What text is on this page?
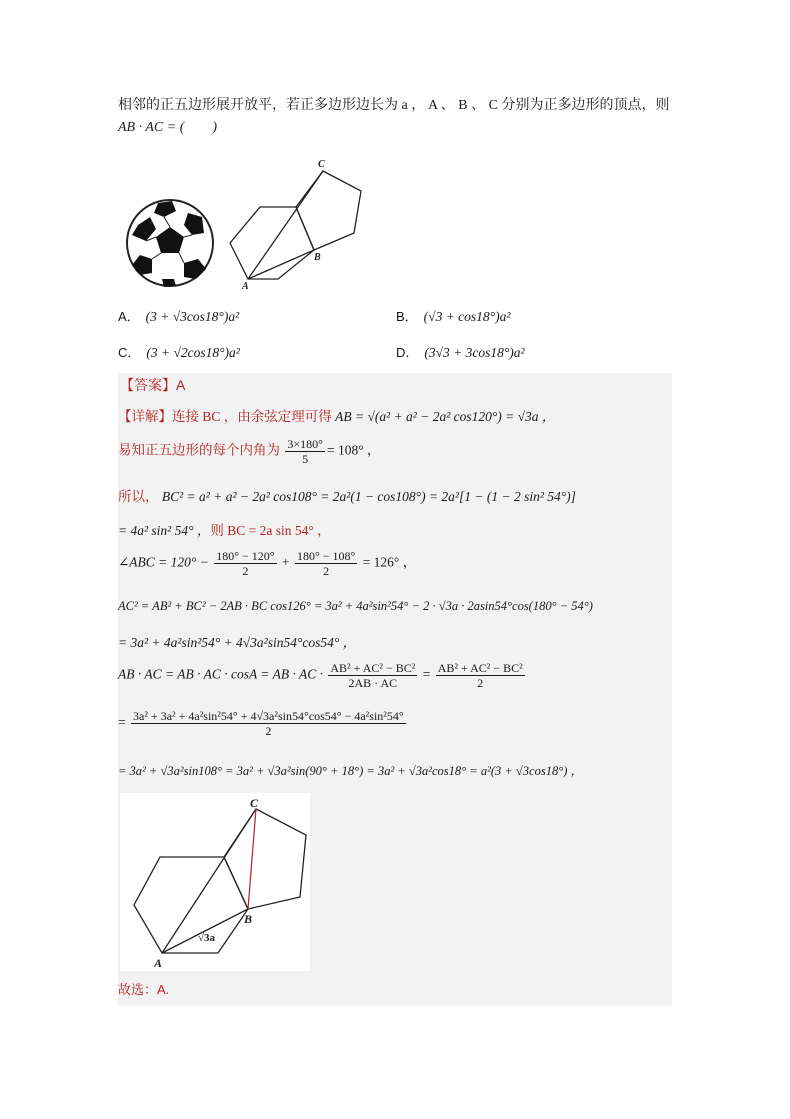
相邻的正五边形展开放平，若正多边形边长为 a ， A 、 B 、 C 分别为正多边形的顶点，则
AB · AC = (　　)
C
B
A
A． (3 + √3cos18°)a²	B． (√3 + cos18°)a²
C． (3 + √2cos18°)a²	D． (3√3 + 3cos18°)a²
【答案】A
【详解】连接 BC ，由余弦定理可得 AB = √(a² + a² − 2a² cos120°) = √3a ，
易知正五边形的每个内角为 $\frac{3\times 180^\circ}{5} = 108^\circ$ ，
所以， BC² = a² + a² − 2a² cos108° = 2a²(1 − cos108°) = 2a²[1 − (1 − 2 sin² 54°)]
= 4a² sin² 54° ，则 BC = 2a sin 54° ，
∠ABC = $120^\circ - \frac{180^\circ - 120^\circ}{2} + \frac{180^\circ - 108^\circ}{2} = 126^\circ$ ，
AC² = AB² + BC² − 2AB · BC cos126° = 3a² + 4a²sin²54° − 2 · √3a · 2asin54°cos(180° − 54°)
= 3a² + 4a²sin²54° + 4√3a²sin54°cos54° ，
AB · AC = AB · AC · cosA = AB · AC · $\frac{\text{AB² + AC² − BC²}}{2AB \cdot AC} = \frac{\text{AB² + AC² − BC²}}{2}$
= $\frac{\text{3a² + 3a² + 4a²sin²54° + 4√3a²sin54°cos54° − 4a²sin²54°}}{2}$
= 3a² + √3a²sin108° = 3a² + √3a²sin(90° + 18°) = 3a² + √3a²cos18° = a²(3 + √3cos18°) ，
C
B
A
√3a
故选：A.
